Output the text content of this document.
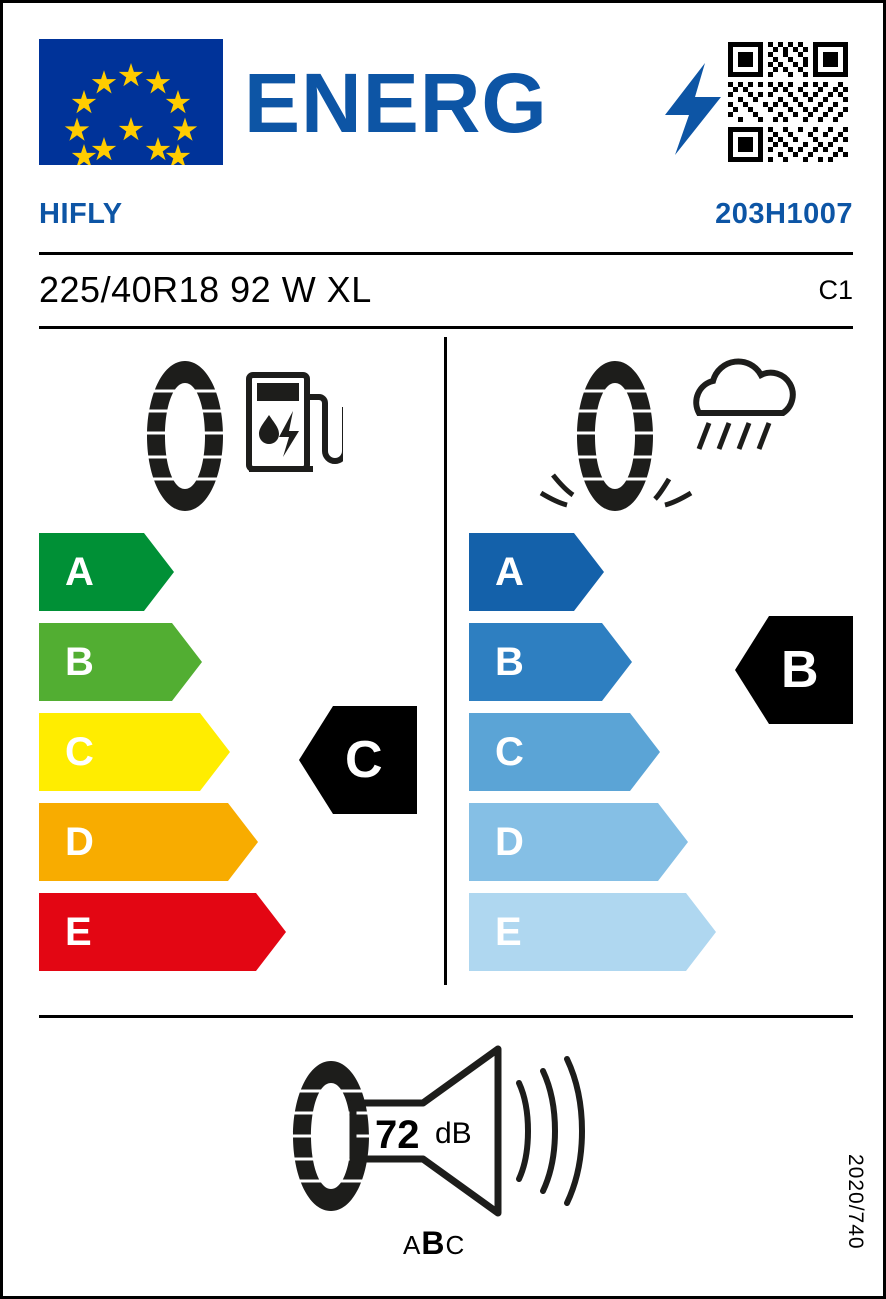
ENERG
HIFLY	203H1007
225/40R18 92 W XL	C1
A
B
C
D
E
A
B
C
D
E
C
B
72 dB
ABC	2020/740
